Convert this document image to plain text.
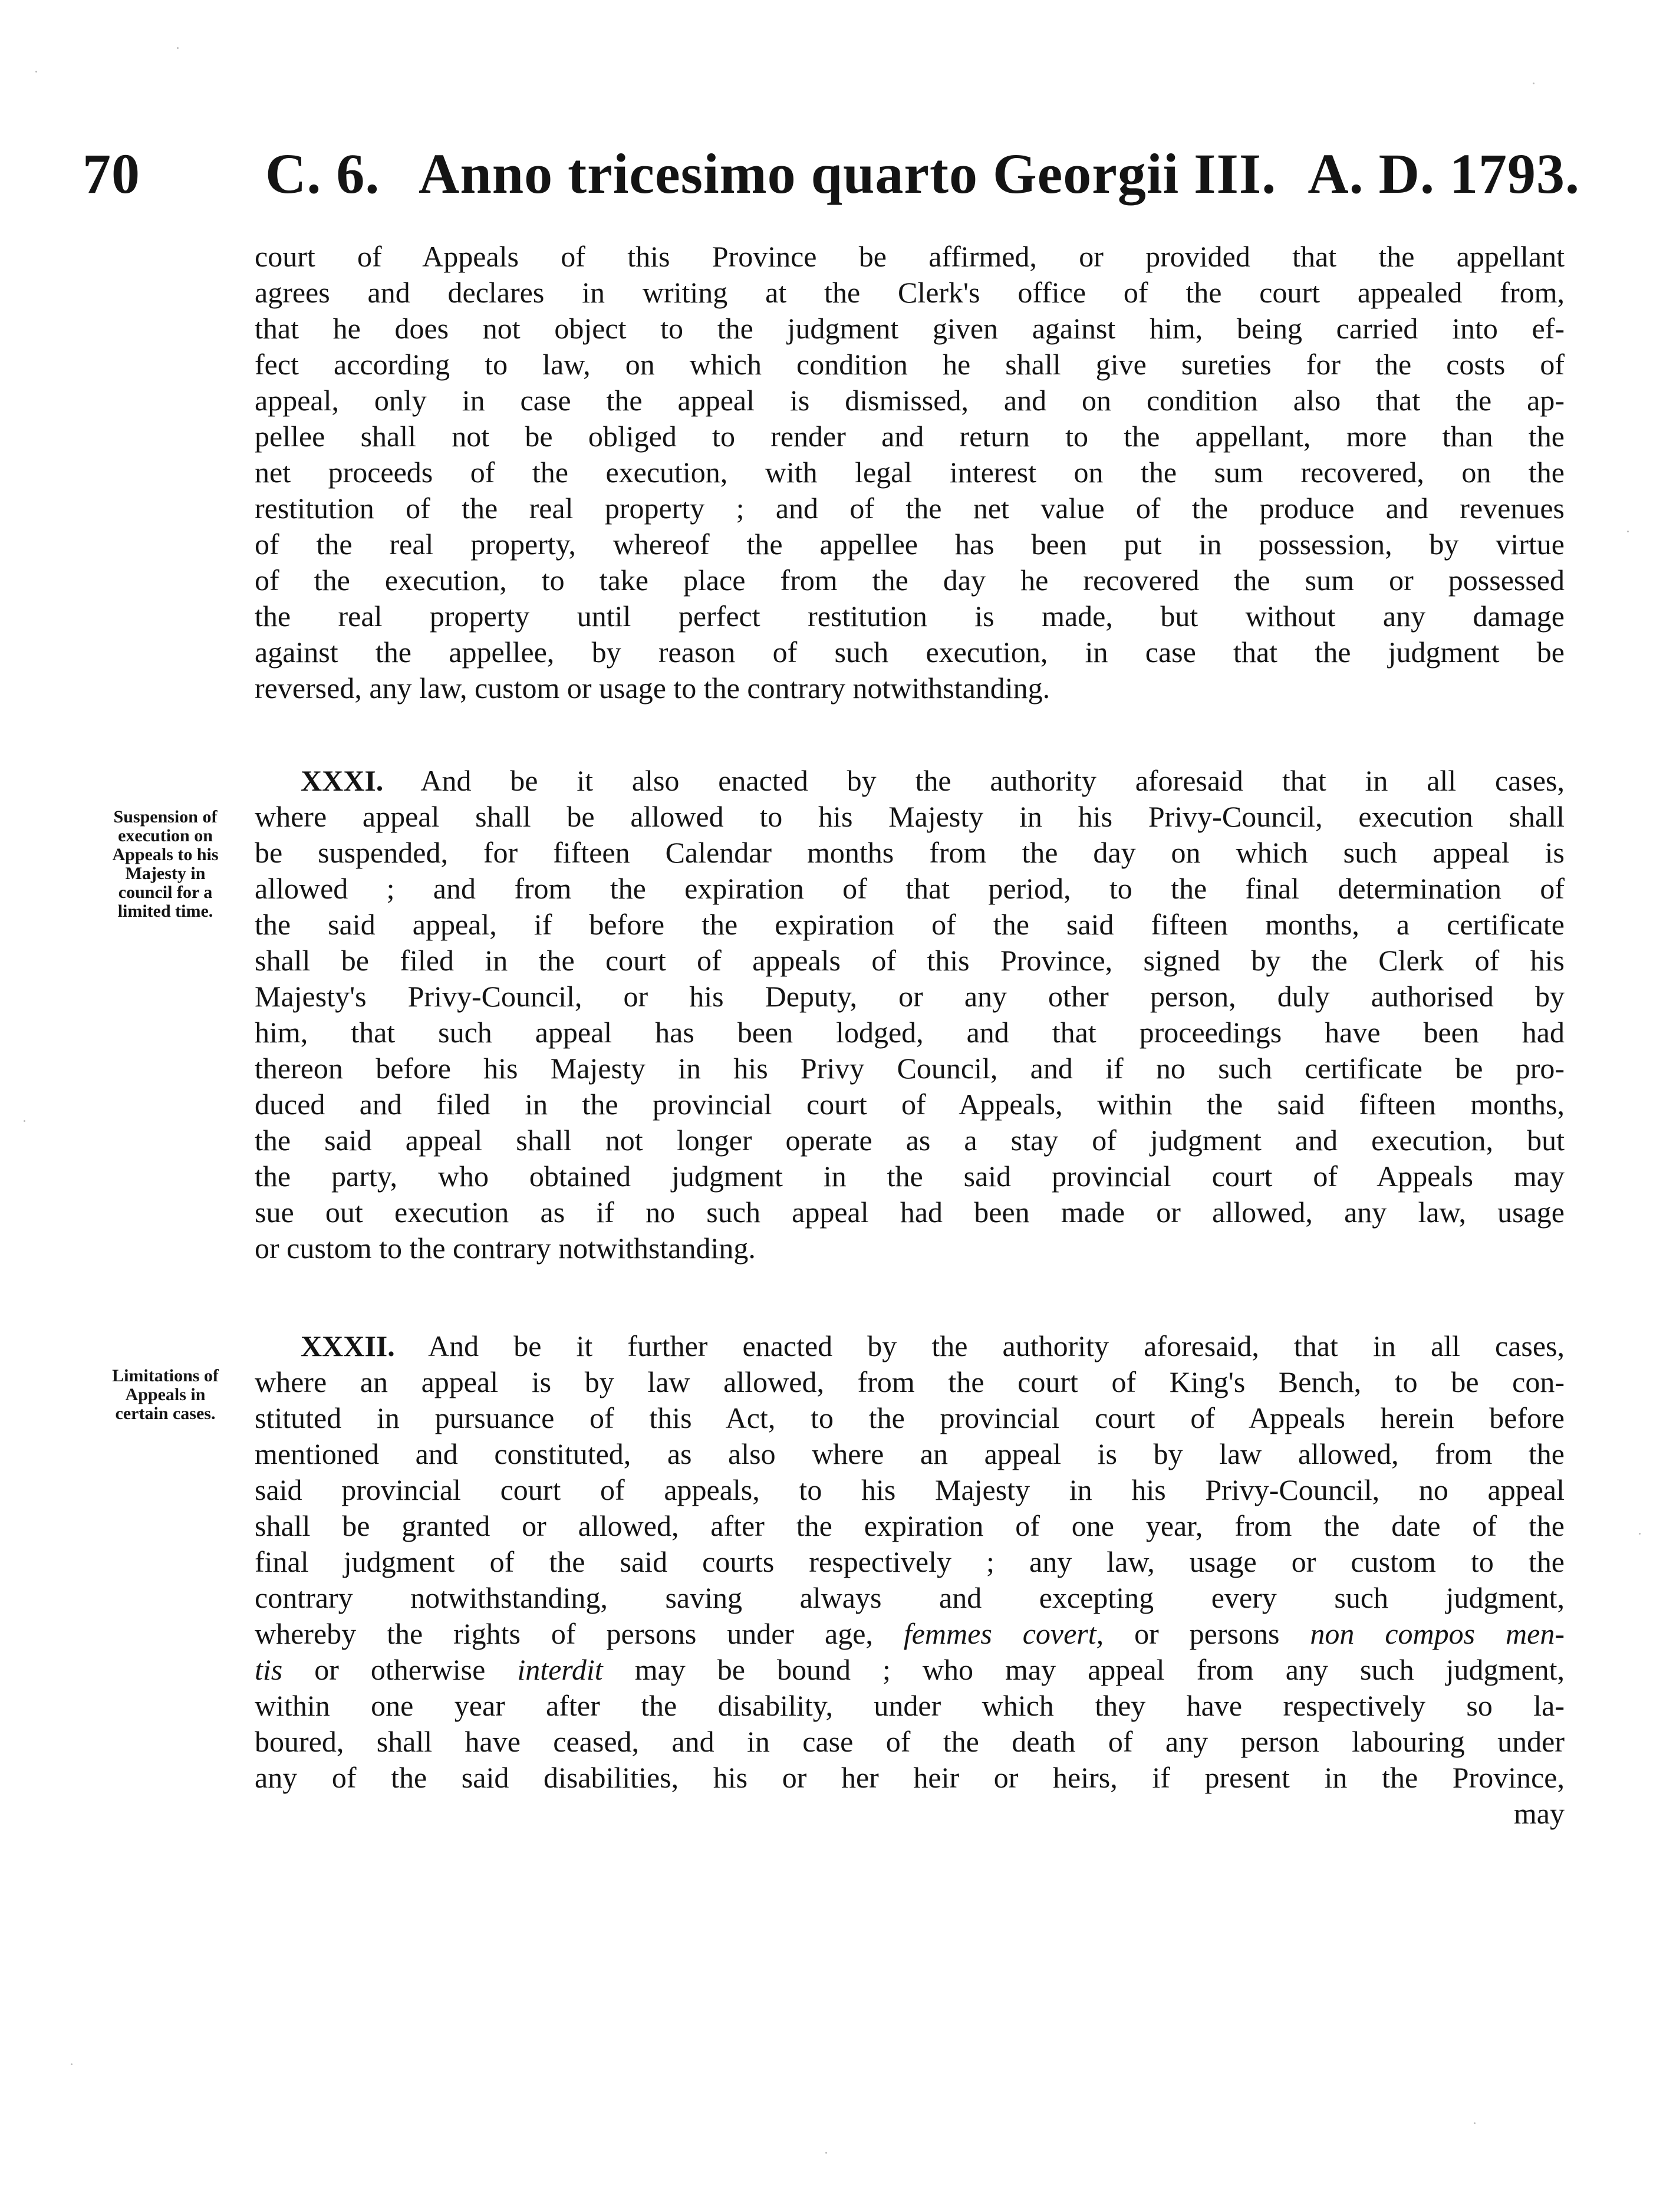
70 C. 6. Anno tricesimo quarto Georgii III. A. D. 1793.
court of Appeals of this Province be affirmed, or provided that the appellant
agrees and declares in writing at the Clerk's office of the court appealed from,
that he does not object to the judgment given against him, being carried into ef-
fect according to law, on which condition he shall give sureties for the costs of
appeal, only in case the appeal is dismissed, and on condition also that the ap-
pellee shall not be obliged to render and return to the appellant, more than the
net proceeds of the execution, with legal interest on the sum recovered, on the
restitution of the real property ; and of the net value of the produce and revenues
of the real property, whereof the appellee has been put in possession, by virtue
of the execution, to take place from the day he recovered the sum or possessed
the real property until perfect restitution is made, but without any damage
against the appellee, by reason of such execution, in case that the judgment be
reversed, any law, custom or usage to the contrary notwithstanding.
Suspension of
execution on
Appeals to his
Majesty in
council for a
limited time.
XXXI. And be it also enacted by the authority aforesaid that in all cases,
where appeal shall be allowed to his Majesty in his Privy-Council, execution shall
be suspended, for fifteen Calendar months from the day on which such appeal is
allowed ; and from the expiration of that period, to the final determination of
the said appeal, if before the expiration of the said fifteen months, a certificate
shall be filed in the court of appeals of this Province, signed by the Clerk of his
Majesty's Privy-Council, or his Deputy, or any other person, duly authorised by
him, that such appeal has been lodged, and that proceedings have been had
thereon before his Majesty in his Privy Council, and if no such certificate be pro-
duced and filed in the provincial court of Appeals, within the said fifteen months,
the said appeal shall not longer operate as a stay of judgment and execution, but
the party, who obtained judgment in the said provincial court of Appeals may
sue out execution as if no such appeal had been made or allowed, any law, usage
or custom to the contrary notwithstanding.
Limitations of
Appeals in
certain cases.
XXXII. And be it further enacted by the authority aforesaid, that in all cases,
where an appeal is by law allowed, from the court of King's Bench, to be con-
stituted in pursuance of this Act, to the provincial court of Appeals herein before
mentioned and constituted, as also where an appeal is by law allowed, from the
said provincial court of appeals, to his Majesty in his Privy-Council, no appeal
shall be granted or allowed, after the expiration of one year, from the date of the
final judgment of the said courts respectively ; any law, usage or custom to the
contrary notwithstanding, saving always and excepting every such judgment,
whereby the rights of persons under age, femmes covert, or persons non compos men-
tis or otherwise interdit may be bound ; who may appeal from any such judgment,
within one year after the disability, under which they have respectively so la-
boured, shall have ceased, and in case of the death of any person labouring under
any of the said disabilities, his or her heir or heirs, if present in the Province,
may
